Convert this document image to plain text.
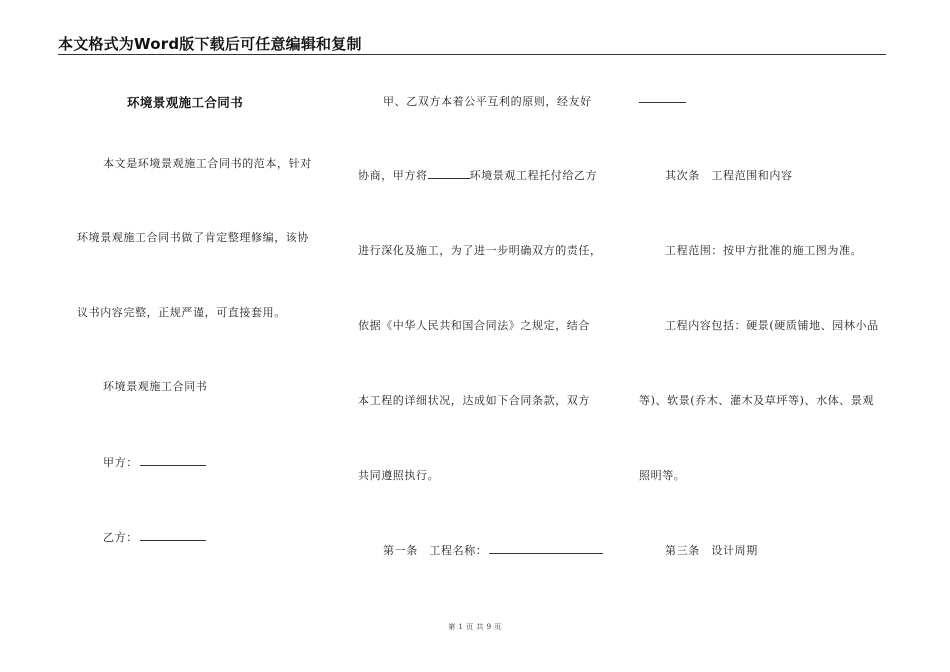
本文格式为Word版下载后可任意编辑和复制
环境景观施工合同书
本文是环境景观施工合同书的范本，针对
环境景观施工合同书做了肯定整理修编，该协
议书内容完整，正规严谨，可直接套用。
环境景观施工合同书
甲方：
乙方：
甲、乙双方本着公平互利的原则，经友好
协商，甲方将	环境景观工程托付给乙方
进行深化及施工，为了进一步明确双方的责任，
依据《中华人民共和国合同法》之规定，结合
本工程的详细状况，达成如下合同条款，双方
共同遵照执行。
第一条　工程名称：
其次条　工程范围和内容
工程范围：按甲方批准的施工图为准。
工程内容包括：硬景(硬质铺地、园林小品
等)、软景(乔木、灌木及草坪等)、水体、景观
照明等。
第三条　设计周期
第 1 页 共 9 页
